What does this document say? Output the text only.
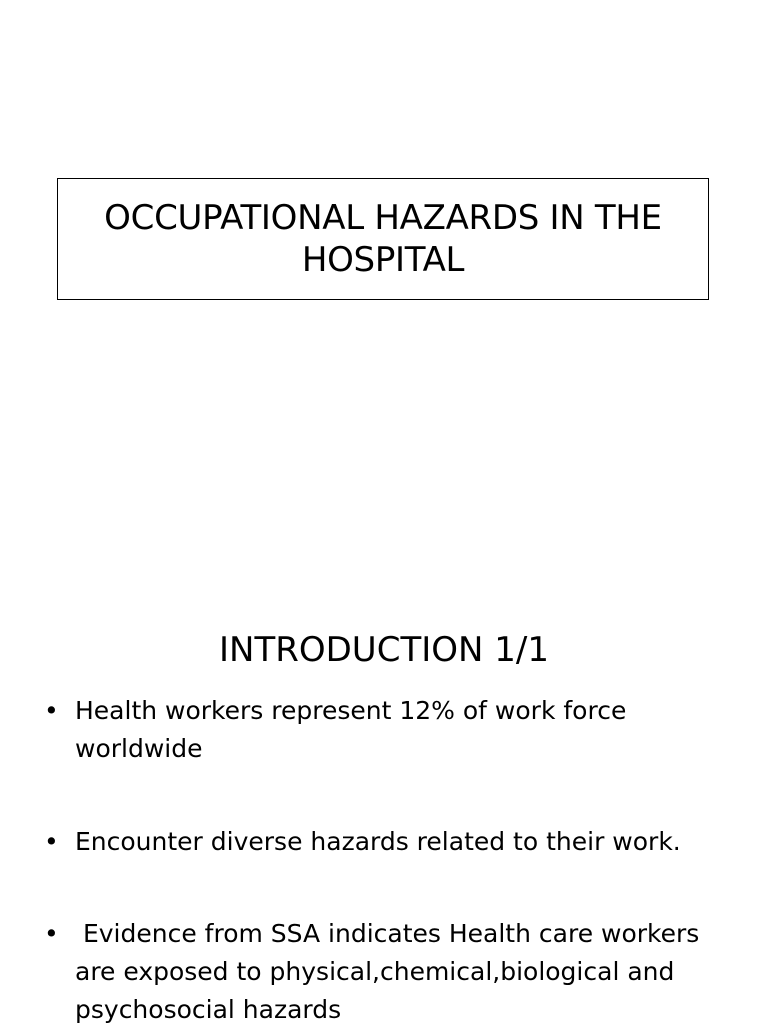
OCCUPATIONAL HAZARDS IN THE HOSPITAL
INTRODUCTION 1/1
• Health workers represent 12% of work force worldwide
• Encounter diverse hazards related to their work.
• Evidence from SSA indicates Health care workers are exposed to physical,chemical,biological and psychosocial hazards
